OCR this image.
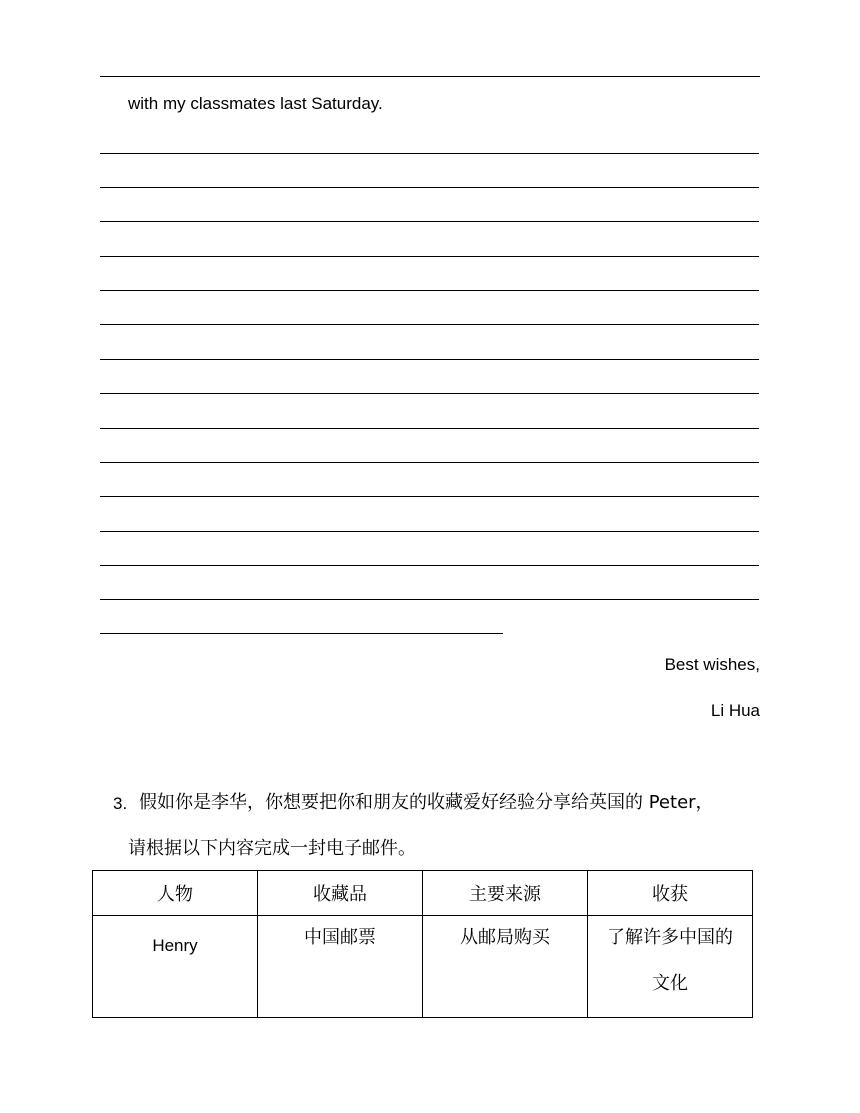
with my classmates last Saturday.
Best wishes,
Li Hua
3. 假如你是李华，你想要把你和朋友的收藏爱好经验分享给英国的 Peter，
请根据以下内容完成一封电子邮件。
人物	收藏品	主要来源	收获
Henry	中国邮票	从邮局购买	了解许多中国的
文化
